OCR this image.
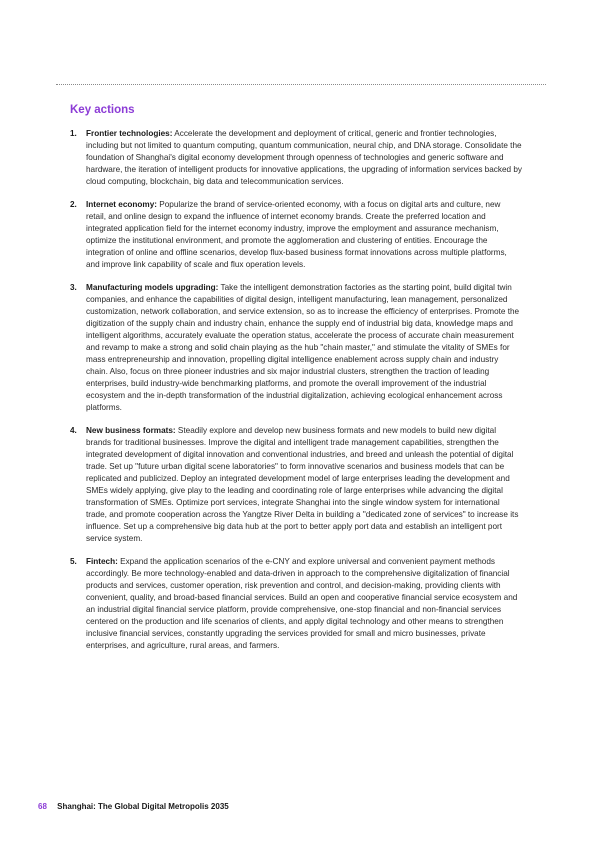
Key actions
1. Frontier technologies: Accelerate the development and deployment of critical, generic and frontier technologies, including but not limited to quantum computing, quantum communication, neural chip, and DNA storage. Consolidate the foundation of Shanghai's digital economy development through openness of technologies and generic software and hardware, the iteration of intelligent products for innovative applications, the upgrading of information services backed by cloud computing, blockchain, big data and telecommunication services.
2. Internet economy: Popularize the brand of service-oriented economy, with a focus on digital arts and culture, new retail, and online design to expand the influence of internet economy brands. Create the preferred location and integrated application field for the internet economy industry, improve the employment and assurance mechanism, optimize the institutional environment, and promote the agglomeration and clustering of entities. Encourage the integration of online and offline scenarios, develop flux-based business format innovations across multiple platforms, and improve link capability of scale and flux operation levels.
3. Manufacturing models upgrading: Take the intelligent demonstration factories as the starting point, build digital twin companies, and enhance the capabilities of digital design, intelligent manufacturing, lean management, personalized customization, network collaboration, and service extension, so as to increase the efficiency of enterprises. Promote the digitization of the supply chain and industry chain, enhance the supply end of industrial big data, knowledge maps and intelligent algorithms, accurately evaluate the operation status, accelerate the process of accurate chain measurement and revamp to make a strong and solid chain playing as the hub "chain master," and stimulate the vitality of SMEs for mass entrepreneurship and innovation, propelling digital intelligence enablement across supply chain and industry chain. Also, focus on three pioneer industries and six major industrial clusters, strengthen the traction of leading enterprises, build industry-wide benchmarking platforms, and promote the overall improvement of the industrial ecosystem and the in-depth transformation of the industrial digitalization, achieving ecological enhancement across platforms.
4. New business formats: Steadily explore and develop new business formats and new models to build new digital brands for traditional businesses. Improve the digital and intelligent trade management capabilities, strengthen the integrated development of digital innovation and conventional industries, and breed and unleash the potential of digital trade. Set up "future urban digital scene laboratories" to form innovative scenarios and business models that can be replicated and publicized. Deploy an integrated development model of large enterprises leading the development and SMEs widely applying, give play to the leading and coordinating role of large enterprises while advancing the digital transformation of SMEs. Optimize port services, integrate Shanghai into the single window system for international trade, and promote cooperation across the Yangtze River Delta in building a "dedicated zone of services" to increase its influence. Set up a comprehensive big data hub at the port to better apply port data and establish an intelligent port service system.
5. Fintech: Expand the application scenarios of the e-CNY and explore universal and convenient payment methods accordingly. Be more technology-enabled and data-driven in approach to the comprehensive digitalization of financial products and services, customer operation, risk prevention and control, and decision-making, providing clients with convenient, quality, and broad-based financial services. Build an open and cooperative financial service ecosystem and an industrial digital financial service platform, provide comprehensive, one-stop financial and non-financial services centered on the production and life scenarios of clients, and apply digital technology and other means to strengthen inclusive financial services, constantly upgrading the services provided for small and micro businesses, private enterprises, and agriculture, rural areas, and farmers.
68 Shanghai: The Global Digital Metropolis 2035
